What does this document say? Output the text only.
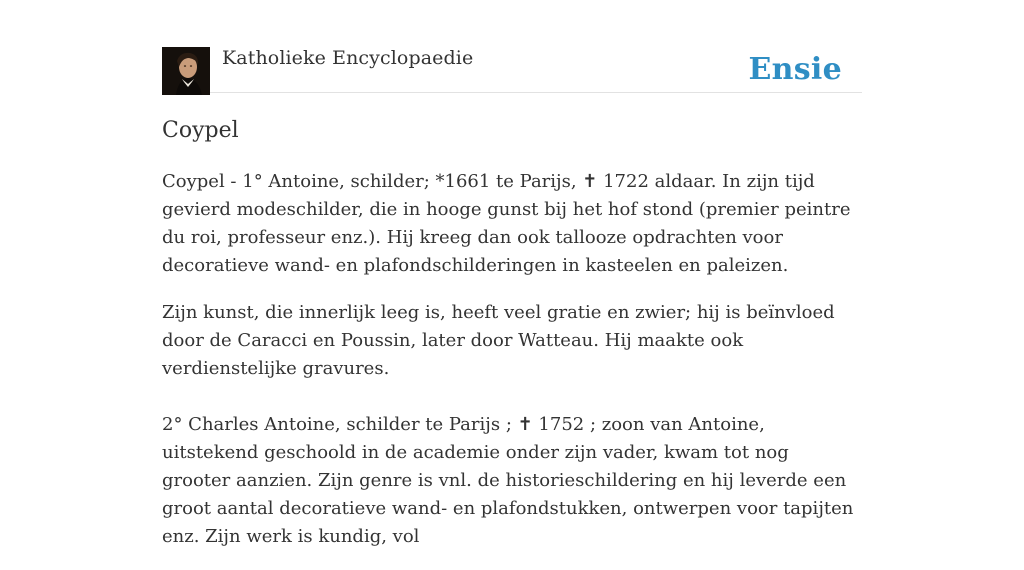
Katholieke Encyclopaedie	Ensie
Coypel

Coypel - 1° Antoine, schilder; *1661 te Parijs, ✝ 1722 aldaar. In zijn tijd gevierd modeschilder, die in hooge gunst bij het hof stond (premier peintre du roi, professeur enz.). Hij kreeg dan ook tallooze opdrachten voor decoratieve wand- en plafondschilderingen in kasteelen en paleizen.

Zijn kunst, die innerlijk leeg is, heeft veel gratie en zwier; hij is beïnvloed door de Caracci en Poussin, later door Watteau. Hij maakte ook verdienstelijke gravures.

2° Charles Antoine, schilder te Parijs ; ✝ 1752 ; zoon van Antoine, uitstekend geschoold in de academie onder zijn vader, kwam tot nog grooter aanzien. Zijn genre is vnl. de historieschildering en hij leverde een groot aantal decoratieve wand- en plafondstukken, ontwerpen voor tapijten enz. Zijn werk is kundig, vol
